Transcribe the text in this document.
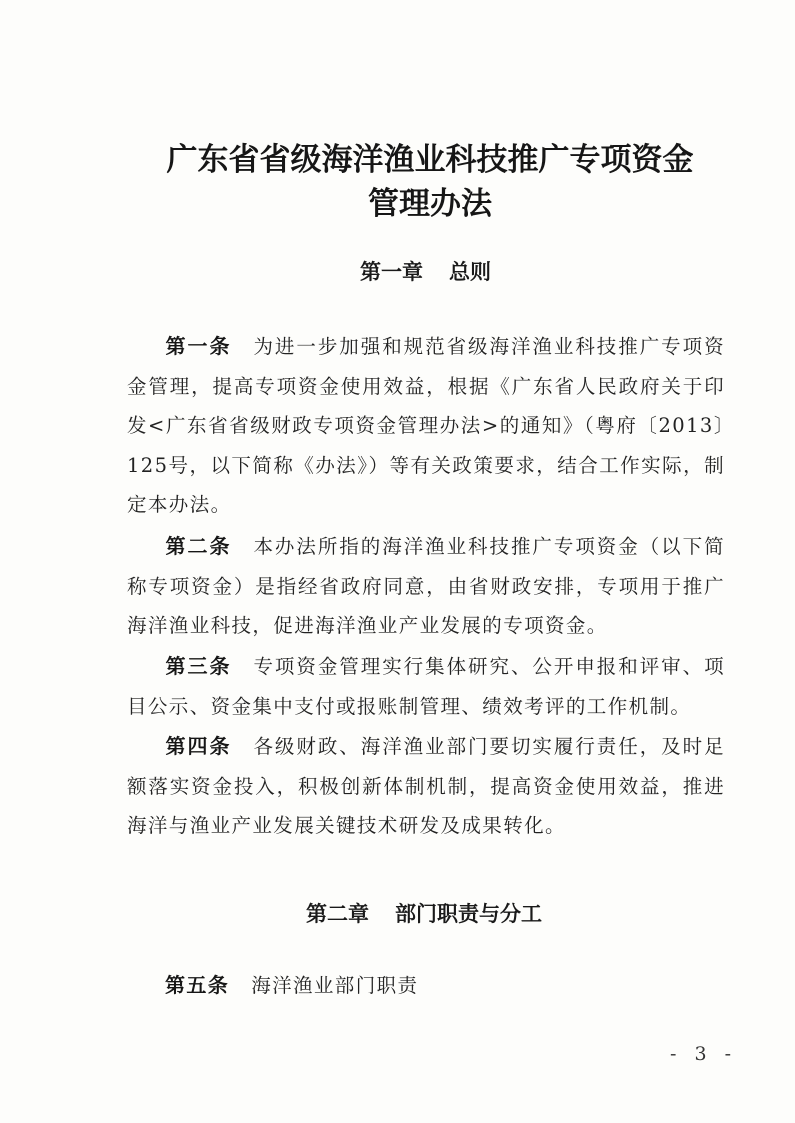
广东省省级海洋渔业科技推广专项资金
管理办法
第一章 总则
第一条 为进一步加强和规范省级海洋渔业科技推广专项资金管理，提高专项资金使用效益，根据《广东省人民政府关于印发<广东省省级财政专项资金管理办法>的通知》（粤府〔2013〕125号，以下简称《办法》）等有关政策要求，结合工作实际，制定本办法。
第二条 本办法所指的海洋渔业科技推广专项资金（以下简称专项资金）是指经省政府同意，由省财政安排，专项用于推广海洋渔业科技，促进海洋渔业产业发展的专项资金。
第三条 专项资金管理实行集体研究、公开申报和评审、项目公示、资金集中支付或报账制管理、绩效考评的工作机制。
第四条 各级财政、海洋渔业部门要切实履行责任，及时足额落实资金投入，积极创新体制机制，提高资金使用效益，推进海洋与渔业产业发展关键技术研发及成果转化。
第二章 部门职责与分工
第五条 海洋渔业部门职责
- 3 -
